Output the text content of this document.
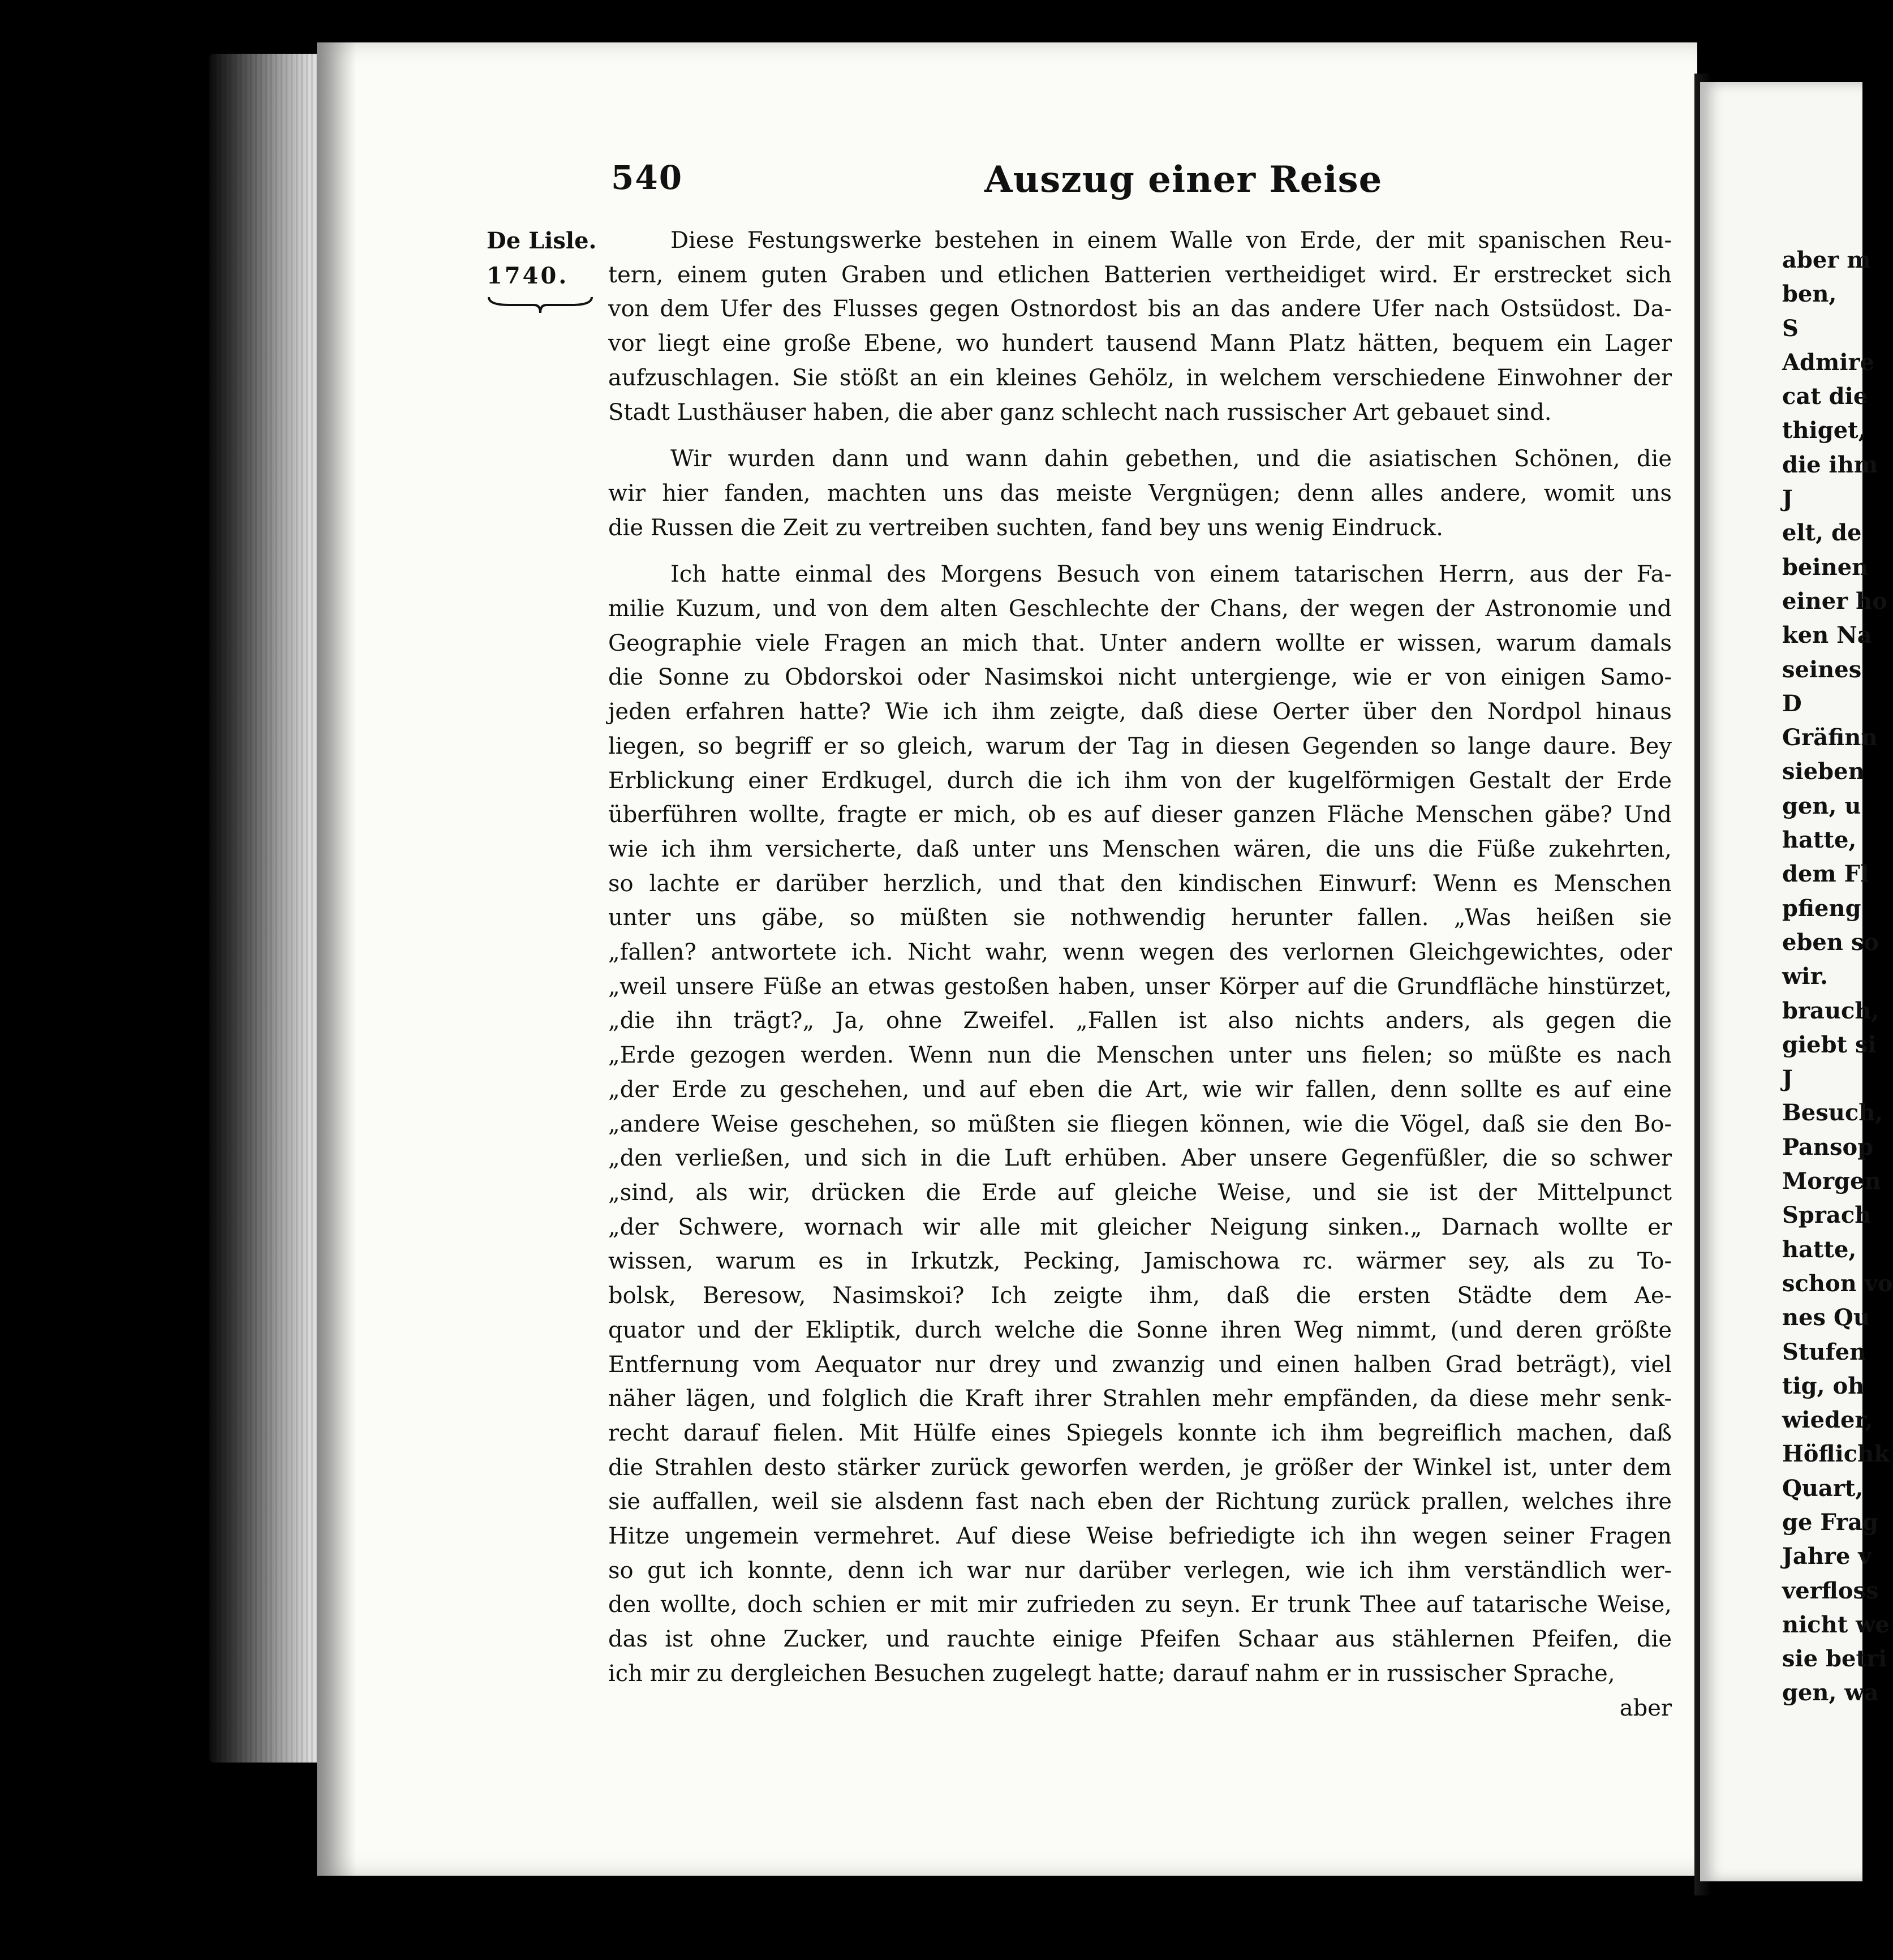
540	Auszug einer Reise
De Lisle.
1740.

Diese Festungswerke bestehen in einem Walle von Erde, der mit spanischen Reu-

tern, einem guten Graben und etlichen Batterien vertheidiget wird. Er erstrecket sich

von dem Ufer des Flusses gegen Ostnordost bis an das andere Ufer nach Ostsüdost. Da-

vor liegt eine große Ebene, wo hundert tausend Mann Platz hätten, bequem ein Lager

aufzuschlagen. Sie stößt an ein kleines Gehölz, in welchem verschiedene Einwohner der

Stadt Lusthäuser haben, die aber ganz schlecht nach russischer Art gebauet sind.

Wir wurden dann und wann dahin gebethen, und die asiatischen Schönen, die

wir hier fanden, machten uns das meiste Vergnügen; denn alles andere, womit uns

die Russen die Zeit zu vertreiben suchten, fand bey uns wenig Eindruck.

Ich hatte einmal des Morgens Besuch von einem tatarischen Herrn, aus der Fa-

milie Kuzum, und von dem alten Geschlechte der Chans, der wegen der Astronomie und

Geographie viele Fragen an mich that. Unter andern wollte er wissen, warum damals

die Sonne zu Obdorskoi oder Nasimskoi nicht untergienge, wie er von einigen Samo-

jeden erfahren hatte? Wie ich ihm zeigte, daß diese Oerter über den Nordpol hinaus

liegen, so begriff er so gleich, warum der Tag in diesen Gegenden so lange daure. Bey

Erblickung einer Erdkugel, durch die ich ihm von der kugelförmigen Gestalt der Erde

überführen wollte, fragte er mich, ob es auf dieser ganzen Fläche Menschen gäbe? Und

wie ich ihm versicherte, daß unter uns Menschen wären, die uns die Füße zukehrten,

so lachte er darüber herzlich, und that den kindischen Einwurf: Wenn es Menschen

unter uns gäbe, so müßten sie nothwendig herunter fallen. „Was heißen sie

„fallen? antwortete ich. Nicht wahr, wenn wegen des verlornen Gleichgewichtes, oder

„weil unsere Füße an etwas gestoßen haben, unser Körper auf die Grundfläche hinstürzet,

„die ihn trägt?„ Ja, ohne Zweifel. „Fallen ist also nichts anders, als gegen die

„Erde gezogen werden. Wenn nun die Menschen unter uns fielen; so müßte es nach

„der Erde zu geschehen, und auf eben die Art, wie wir fallen, denn sollte es auf eine

„andere Weise geschehen, so müßten sie fliegen können, wie die Vögel, daß sie den Bo-

„den verließen, und sich in die Luft erhüben. Aber unsere Gegenfüßler, die so schwer

„sind, als wir, drücken die Erde auf gleiche Weise, und sie ist der Mittelpunct

„der Schwere, wornach wir alle mit gleicher Neigung sinken.„ Darnach wollte er

wissen, warum es in Irkutzk, Pecking, Jamischowa rc. wärmer sey, als zu To-

bolsk, Beresow, Nasimskoi? Ich zeigte ihm, daß die ersten Städte dem Ae-

quator und der Ekliptik, durch welche die Sonne ihren Weg nimmt, (und deren größte

Entfernung vom Aequator nur drey und zwanzig und einen halben Grad beträgt), viel

näher lägen, und folglich die Kraft ihrer Strahlen mehr empfänden, da diese mehr senk-

recht darauf fielen. Mit Hülfe eines Spiegels konnte ich ihm begreiflich machen, daß

die Strahlen desto stärker zurück geworfen werden, je größer der Winkel ist, unter dem

sie auffallen, weil sie alsdenn fast nach eben der Richtung zurück prallen, welches ihre

Hitze ungemein vermehret. Auf diese Weise befriedigte ich ihn wegen seiner Fragen

so gut ich konnte, denn ich war nur darüber verlegen, wie ich ihm verständlich wer-

den wollte, doch schien er mit mir zufrieden zu seyn. Er trunk Thee auf tatarische Weise,

das ist ohne Zucker, und rauchte einige Pfeifen Schaar aus stählernen Pfeifen, die

ich mir zu dergleichen Besuchen zugelegt hatte; darauf nahm er in russischer Sprache,

aber

aber m

ben,

S

Admire

cat die

thiget,

die ihm

J

elt, de

beinen

einer ho

ken Na

seines

D

Gräfinn

sieben

gen, u

hatte,

dem Fl

pfieng

eben so

wir.

brauch,

giebt si

J

Besuch,

Pansop

Morgen

Sprach

hatte,

schon vo

nes Qu

Stufen

tig, oh

wieder,

Höflichk

Quart,

ge Frag

Jahre v

verfloss

nicht we

sie betri

gen, wa
